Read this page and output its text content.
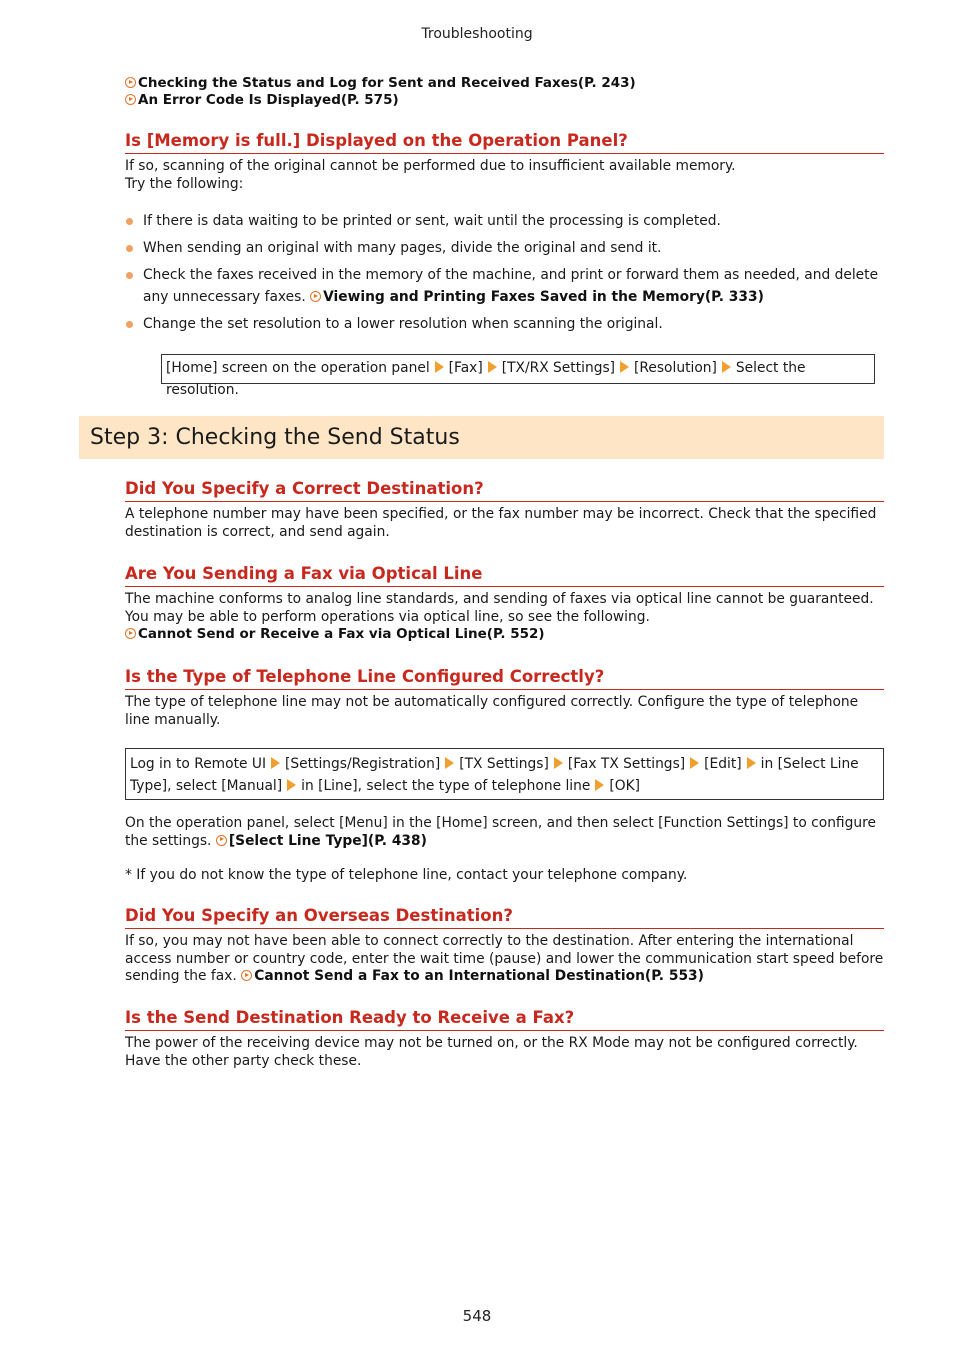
Troubleshooting
Checking the Status and Log for Sent and Received Faxes(P. 243)
An Error Code Is Displayed(P. 575)
Is [Memory is full.] Displayed on the Operation Panel?

If so, scanning of the original cannot be performed due to insufficient available memory.

Try the following:

If there is data waiting to be printed or sent, wait until the processing is completed.
When sending an original with many pages, divide the original and send it.
Check the faxes received in the memory of the machine, and print or forward them as needed, and delete any unnecessary faxes. Viewing and Printing Faxes Saved in the Memory(P. 333)
Change the set resolution to a lower resolution when scanning the original.
[Home] screen on the operation panel [Fax] [TX/RX Settings] [Resolution] Select the resolution.
Step 3: Checking the Send Status
Did You Specify a Correct Destination?

A telephone number may have been specified, or the fax number may be incorrect. Check that the specified destination is correct, and send again.

Are You Sending a Fax via Optical Line

The machine conforms to analog line standards, and sending of faxes via optical line cannot be guaranteed. You may be able to perform operations via optical line, so see the following.

Cannot Send or Receive a Fax via Optical Line(P. 552)
Is the Type of Telephone Line Configured Correctly?

The type of telephone line may not be automatically configured correctly. Configure the type of telephone line manually.

Log in to Remote UI [Settings/Registration] [TX Settings] [Fax TX Settings] [Edit] in [Select Line Type], select [Manual] in [Line], select the type of telephone line [OK]

On the operation panel, select [Menu] in the [Home] screen, and then select [Function Settings] to configure the settings. [Select Line Type](P. 438)

* If you do not know the type of telephone line, contact your telephone company.

Did You Specify an Overseas Destination?

If so, you may not have been able to connect correctly to the destination. After entering the international access number or country code, enter the wait time (pause) and lower the communication start speed before sending the fax. Cannot Send a Fax to an International Destination(P. 553)

Is the Send Destination Ready to Receive a Fax?

The power of the receiving device may not be turned on, or the RX Mode may not be configured correctly. Have the other party check these.

548
